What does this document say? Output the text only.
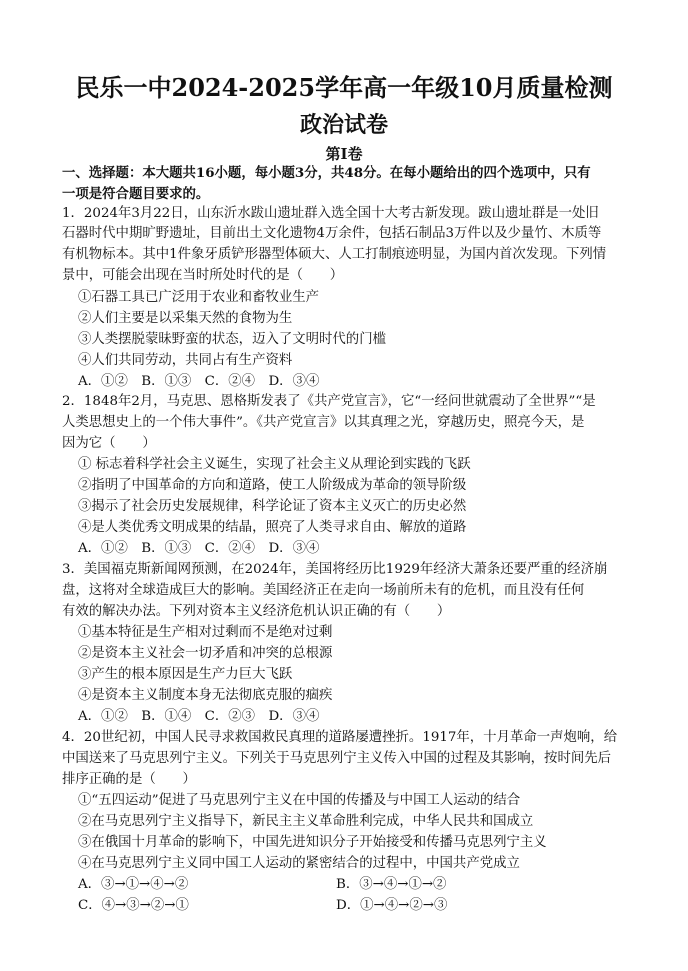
民乐一中2024-2025学年高一年级10月质量检测
政治试卷
第Ⅰ卷
一、选择题：本大题共16小题，每小题3分，共48分。在每小题给出的四个选项中，只有
一项是符合题目要求的。
1．2024年3月22日，山东沂水跋山遗址群入选全国十大考古新发现。跋山遗址群是一处旧
石器时代中期旷野遗址，目前出土文化遗物4万余件，包括石制品3万件以及少量竹、木质等
有机物标本。其中1件象牙质铲形器型体硕大、人工打制痕迹明显，为国内首次发现。下列情
景中，可能会出现在当时所处时代的是（　　）
①石器工具已广泛用于农业和畜牧业生产
②人们主要是以采集天然的食物为生
③人类摆脱蒙昧野蛮的状态，迈入了文明时代的门槛
④人们共同劳动，共同占有生产资料
A．①②　B．①③　C．②④　D．③④
2．1848年2月，马克思、恩格斯发表了《共产党宣言》，它“一经问世就震动了全世界”“是
人类思想史上的一个伟大事件”。《共产党宣言》以其真理之光，穿越历史，照亮今天，是
因为它（　　）
① 标志着科学社会主义诞生，实现了社会主义从理论到实践的飞跃
②指明了中国革命的方向和道路，使工人阶级成为革命的领导阶级
③揭示了社会历史发展规律，科学论证了资本主义灭亡的历史必然
④是人类优秀文明成果的结晶，照亮了人类寻求自由、解放的道路
A．①②　B．①③　C．②④　D．③④
3．美国福克斯新闻网预测，在2024年，美国将经历比1929年经济大萧条还要严重的经济崩
盘，这将对全球造成巨大的影响。美国经济正在走向一场前所未有的危机，而且没有任何
有效的解决办法。下列对资本主义经济危机认识正确的有（　　）
①基本特征是生产相对过剩而不是绝对过剩
②是资本主义社会一切矛盾和冲突的总根源
③产生的根本原因是生产力巨大飞跃
④是资本主义制度本身无法彻底克服的痼疾
A．①②　B．①④　C．②③　D．③④
4．20世纪初，中国人民寻求救国救民真理的道路屡遭挫折。1917年，十月革命一声炮响，给
中国送来了马克思列宁主义。下列关于马克思列宁主义传入中国的过程及其影响，按时间先后
排序正确的是（　　）
①“五四运动”促进了马克思列宁主义在中国的传播及与中国工人运动的结合
②在马克思列宁主义指导下，新民主主义革命胜利完成，中华人民共和国成立
③在俄国十月革命的影响下，中国先进知识分子开始接受和传播马克思列宁主义
④在马克思列宁主义同中国工人运动的紧密结合的过程中，中国共产党成立
A．③→①→④→②	B．③→④→①→②
C．④→③→②→①	D．①→④→②→③
